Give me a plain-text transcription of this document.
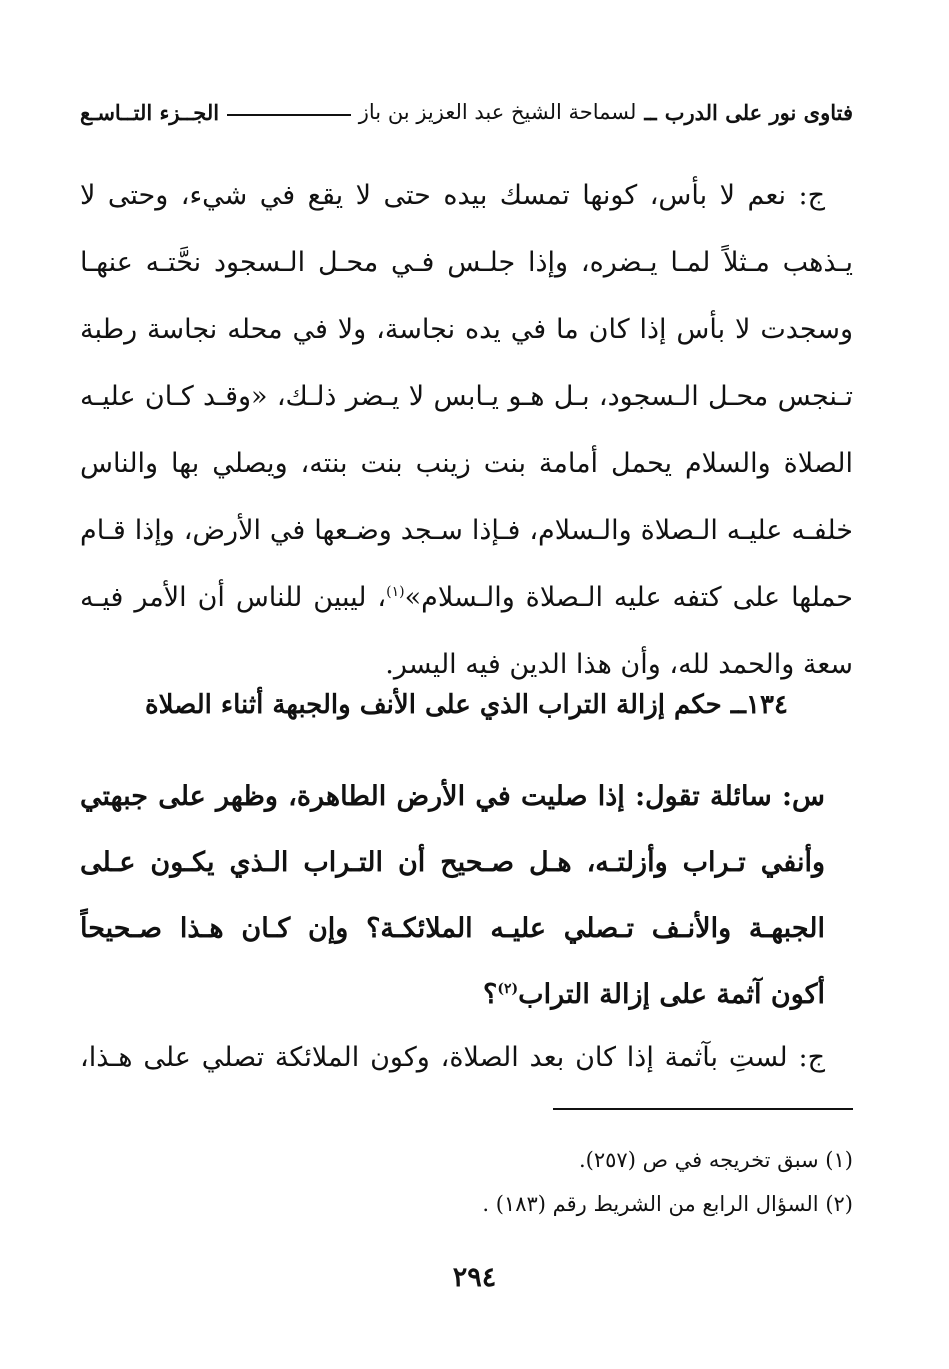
فتاوى نور على الدرب
ــ
لسماحة الشيخ عبد العزيز بن باز
الجــزء التــاسـع
ج: نعم لا بأس، كونها تمسك بيده حتى لا يقع في شيء، وحتى لا
يـذهب مـثلاً لمـا يـضره، وإذا جلـس فـي محـل الـسجود نحَّتـه عنهـا
وسجدت لا بأس إذا كان ما في يده نجاسة، ولا في محله نجاسة رطبة
تـنجس محـل الـسجود، بـل هـو يـابس لا يـضر ذلـك، «وقـد كـان عليـه
الصلاة والسلام يحمل أمامة بنت زينب بنت بنته، ويصلي بها والناس
خلفـه عليـه الـصلاة والـسلام، فـإذا سـجد وضـعها في الأرض، وإذا قـام
حملها على كتفه عليه الـصلاة والـسلام»$^{(١)}$، ليبين للناس أن الأمر فيـه
سعة والحمد لله، وأن هذا الدين فيه اليسر.
١٣٤ــ حكم إزالة التراب الذي على الأنف والجبهة أثناء الصلاة
س: سائلة تقول: إذا صليت في الأرض الطاهرة، وظهر على جبهتي
وأنفي تـراب وأزلتـه، هـل صـحيح أن التـراب الـذي يكـون عـلى
الجبهـة والأنـف تـصلي عليـه الملائكـة؟ وإن كـان هـذا صـحيحاً
أكون آثمة على إزالة التراب$^{(٢)}$؟
ج: لستِ بآثمة إذا كان بعد الصلاة، وكون الملائكة تصلي على هـذا،
(١) سبق تخريجه في ص (٢٥٧).
(٢) السؤال الرابع من الشريط رقم (١٨٣) .
٢٩٤
